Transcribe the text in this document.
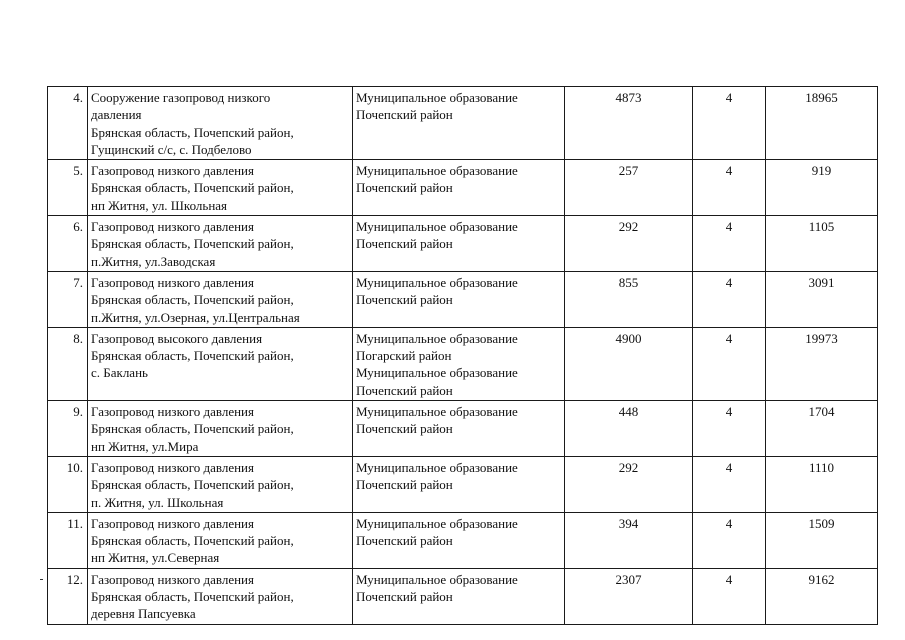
4.	Сооружение газопровод низкого
давления
Брянская область, Почепский район,
Гущинский с/с, с. Подбелово	Муниципальное образование
Почепский район	4873	4	18965

5.	Газопровод низкого давления
Брянская область, Почепский район,
нп Житня, ул. Школьная	Муниципальное образование
Почепский район	257	4	919

6.	Газопровод низкого давления
Брянская область, Почепский район,
п.Житня, ул.Заводская	Муниципальное образование
Почепский район	292	4	1105

7.	Газопровод низкого давления
Брянская область, Почепский район,
п.Житня, ул.Озерная, ул.Центральная	Муниципальное образование
Почепский район	855	4	3091

8.	Газопровод высокого давления
Брянская область, Почепский район,
с. Баклань	Муниципальное образование
Погарский район
Муниципальное образование
Почепский район	4900	4	19973

9.	Газопровод низкого давления
Брянская область, Почепский район,
нп Житня, ул.Мира	Муниципальное образование
Почепский район	448	4	1704

10.	Газопровод низкого давления
Брянская область, Почепский район,
п. Житня, ул. Школьная	Муниципальное образование
Почепский район	292	4	1110

11.	Газопровод низкого давления
Брянская область, Почепский район,
нп Житня, ул.Северная	Муниципальное образование
Почепский район	394	4	1509

12.	Газопровод низкого давления
Брянская область, Почепский район,
деревня Папсуевка	Муниципальное образование
Почепский район	2307	4	9162
